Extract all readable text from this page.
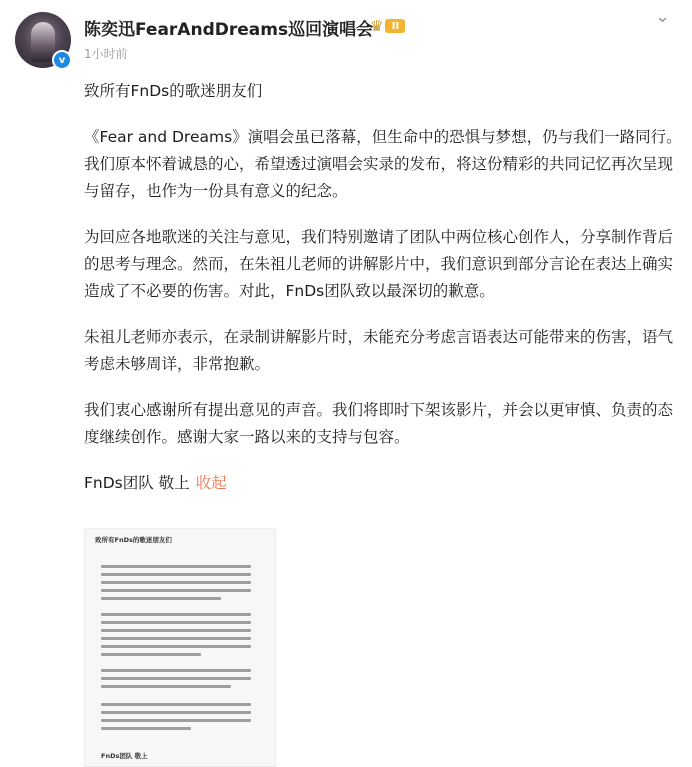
v
陈奕迅FearAndDreams巡回演唱会
♛ II
1小时前
⌄

致所有FnDs的歌迷朋友们

《Fear and Dreams》演唱会虽已落幕，但生命中的恐惧与梦想，仍与我们一路同行。我们原本怀着诚恳的心，希望透过演唱会实录的发布，将这份精彩的共同记忆再次呈现与留存，也作为一份具有意义的纪念。

为回应各地歌迷的关注与意见，我们特别邀请了团队中两位核心创作人，分享制作背后的思考与理念。然而，在朱祖儿老师的讲解影片中，我们意识到部分言论在表达上确实造成了不必要的伤害。对此，FnDs团队致以最深切的歉意。

朱祖儿老师亦表示，在录制讲解影片时，未能充分考虑言语表达可能带来的伤害，语气考虑未够周详，非常抱歉。

我们衷心感谢所有提出意见的声音。我们将即时下架该影片，并会以更审慎、负责的态度继续创作。感谢大家一路以来的支持与包容。

FnDs团队 敬上 收起

致所有FnDs的歌迷朋友们
FnDs团队 敬上
